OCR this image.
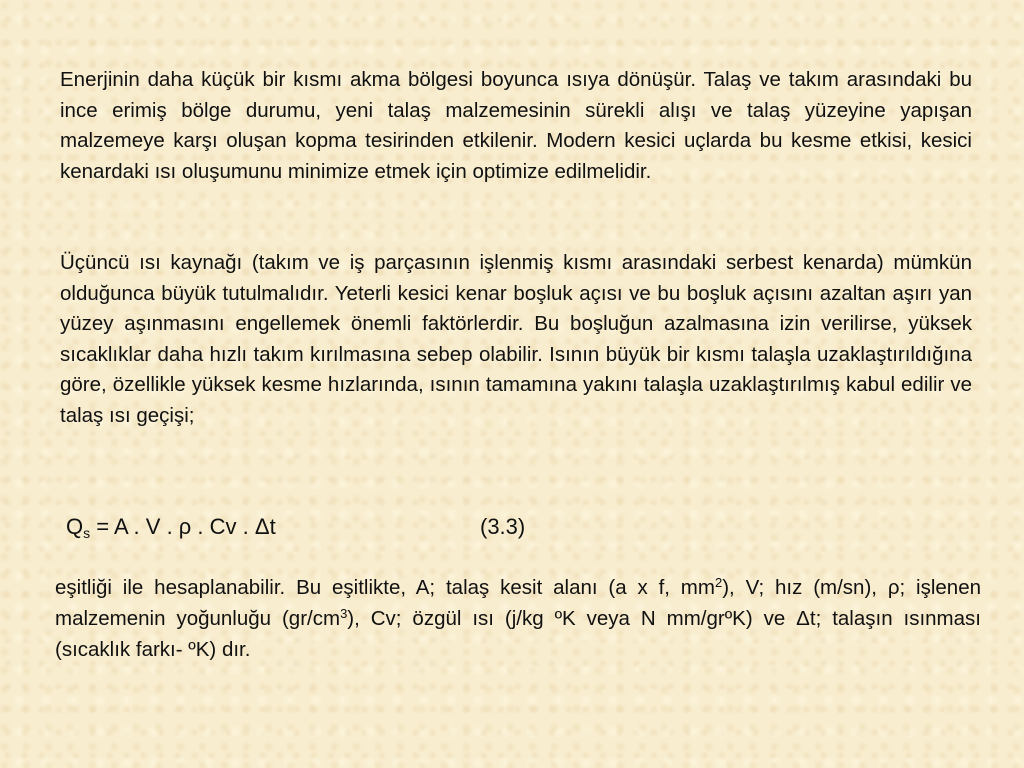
Enerjinin daha küçük bir kısmı akma bölgesi boyunca ısıya dönüşür. Talaş ve takım arasındaki bu ince erimiş bölge durumu, yeni talaş malzemesinin sürekli alışı ve talaş yüzeyine yapışan malzemeye karşı oluşan kopma tesirinden etkilenir. Modern kesici uçlarda bu kesme etkisi, kesici kenardaki ısı oluşumunu minimize etmek için optimize edilmelidir.

Üçüncü ısı kaynağı (takım ve iş parçasının işlenmiş kısmı arasındaki serbest kenarda) mümkün olduğunca büyük tutulmalıdır. Yeterli kesici kenar boşluk açısı ve bu boşluk açısını azaltan aşırı yan yüzey aşınmasını engellemek önemli faktörlerdir. Bu boşluğun azalmasına izin verilirse, yüksek sıcaklıklar daha hızlı takım kırılmasına sebep olabilir. Isının büyük bir kısmı talaşla uzaklaştırıldığına göre, özellikle yüksek kesme hızlarında, ısının tamamına yakını talaşla uzaklaştırılmış kabul edilir ve talaş ısı geçişi;

$Q_s = A$ . V . ρ . Cv . Δt	(3.3)

eşitliği ile hesaplanabilir. Bu eşitlikte, A; talaş kesit alanı (a x f, $mm^2$), V; hız (m/sn), ρ; işlenen malzemenin yoğunluğu $(gr/cm^3)$, Cv; özgül ısı (j/kg ºK veya N mm/grºK) ve Δt; talaşın ısınması (sıcaklık farkı- ºK) dır.
